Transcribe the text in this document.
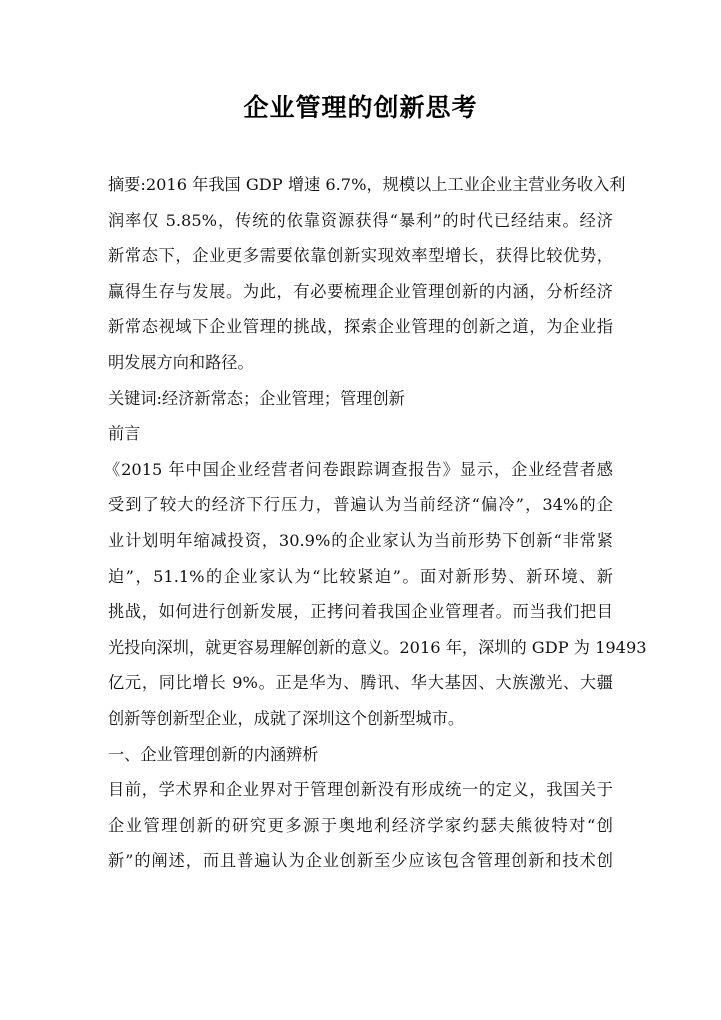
企业管理的创新思考
摘要:2016 年我国 GDP 增速 6.7%，规模以上工业企业主营业务收入利
润率仅 5.85%，传统的依靠资源获得“暴利”的时代已经结束。经济
新常态下，企业更多需要依靠创新实现效率型增长，获得比较优势，
赢得生存与发展。为此，有必要梳理企业管理创新的内涵，分析经济
新常态视域下企业管理的挑战，探索企业管理的创新之道，为企业指
明发展方向和路径。
关键词:经济新常态；企业管理；管理创新
前言
《2015 年中国企业经营者问卷跟踪调查报告》显示，企业经营者感
受到了较大的经济下行压力，普遍认为当前经济“偏冷”，34%的企
业计划明年缩减投资，30.9%的企业家认为当前形势下创新“非常紧
迫”，51.1%的企业家认为“比较紧迫”。面对新形势、新环境、新
挑战，如何进行创新发展，正拷问着我国企业管理者。而当我们把目
光投向深圳，就更容易理解创新的意义。2016 年，深圳的 GDP 为 19493
亿元，同比增长 9%。正是华为、腾讯、华大基因、大族激光、大疆
创新等创新型企业，成就了深圳这个创新型城市。
一、企业管理创新的内涵辨析
目前，学术界和企业界对于管理创新没有形成统一的定义，我国关于
企业管理创新的研究更多源于奥地利经济学家约瑟夫熊彼特对“创
新”的阐述，而且普遍认为企业创新至少应该包含管理创新和技术创
